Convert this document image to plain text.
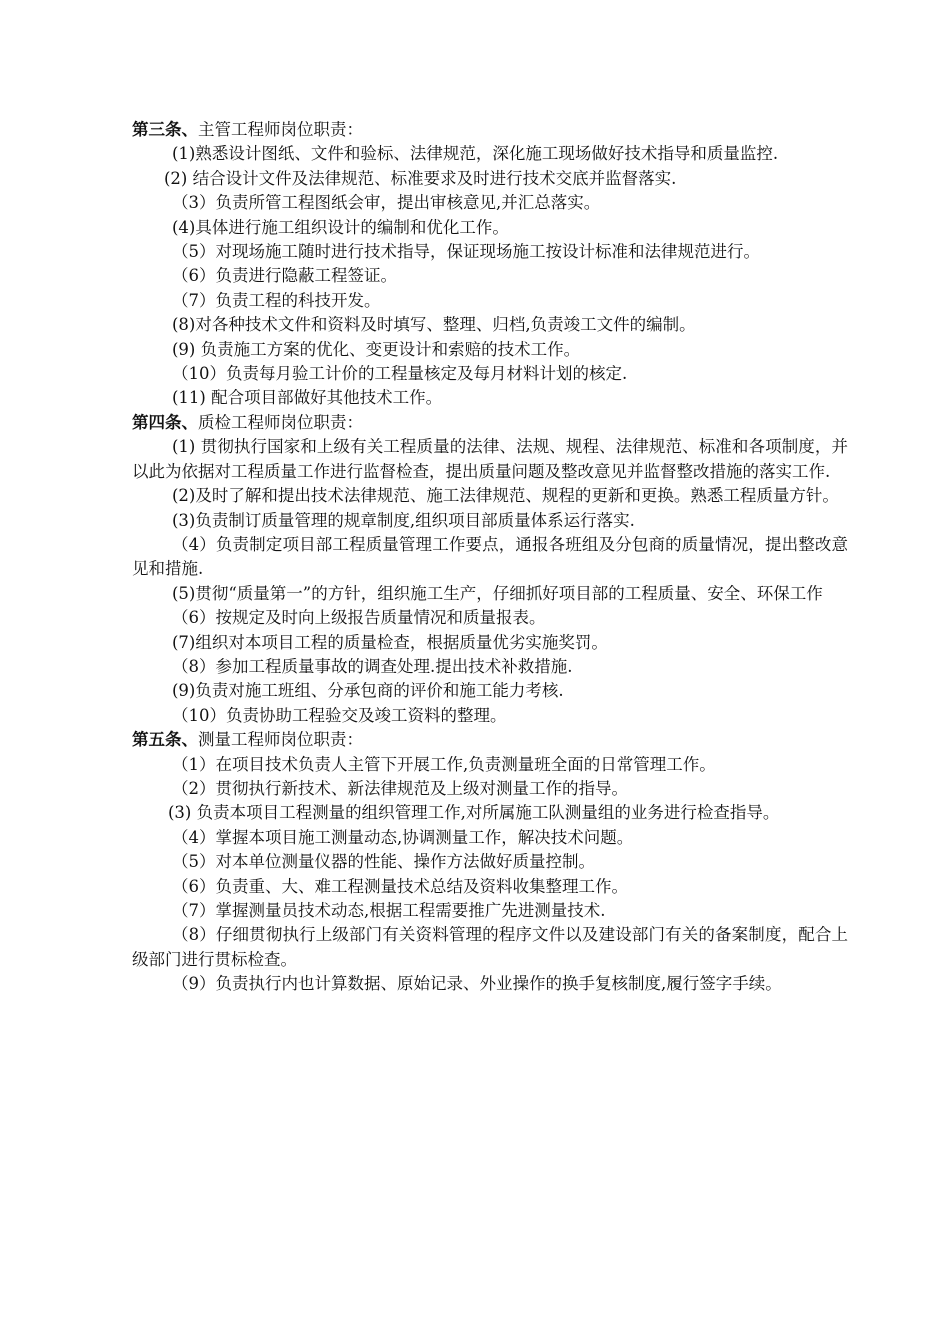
第三条、主管工程师岗位职责：

(1)熟悉设计图纸、文件和验标、法律规范，深化施工现场做好技术指导和质量监控.

(2) 结合设计文件及法律规范、标准要求及时进行技术交底并监督落实.

（3）负责所管工程图纸会审，提出审核意见,并汇总落实。

(4)具体进行施工组织设计的编制和优化工作。

（5）对现场施工随时进行技术指导，保证现场施工按设计标准和法律规范进行。

（6）负责进行隐蔽工程签证。

（7）负责工程的科技开发。

(8)对各种技术文件和资料及时填写、整理、归档,负责竣工文件的编制。

(9) 负责施工方案的优化、变更设计和索赔的技术工作。

（10）负责每月验工计价的工程量核定及每月材料计划的核定.

(11) 配合项目部做好其他技术工作。

第四条、质检工程师岗位职责：

(1) 贯彻执行国家和上级有关工程质量的法律、法规、规程、法律规范、标准和各项制度，并以此为依据对工程质量工作进行监督检查，提出质量问题及整改意见并监督整改措施的落实工作.

(2)及时了解和提出技术法律规范、施工法律规范、规程的更新和更换。熟悉工程质量方针。

(3)负责制订质量管理的规章制度,组织项目部质量体系运行落实.

（4）负责制定项目部工程质量管理工作要点，通报各班组及分包商的质量情况，提出整改意见和措施.

(5)贯彻“质量第一”的方针，组织施工生产，仔细抓好项目部的工程质量、安全、环保工作

（6）按规定及时向上级报告质量情况和质量报表。

(7)组织对本项目工程的质量检查，根据质量优劣实施奖罚。

（8）参加工程质量事故的调查处理.提出技术补救措施.

(9)负责对施工班组、分承包商的评价和施工能力考核.

（10）负责协助工程验交及竣工资料的整理。

第五条、测量工程师岗位职责：

（1）在项目技术负责人主管下开展工作,负责测量班全面的日常管理工作。

（2）贯彻执行新技术、新法律规范及上级对测量工作的指导。

(3) 负责本项目工程测量的组织管理工作,对所属施工队测量组的业务进行检查指导。

（4）掌握本项目施工测量动态,协调测量工作，解决技术问题。

（5）对本单位测量仪器的性能、操作方法做好质量控制。

（6）负责重、大、难工程测量技术总结及资料收集整理工作。

（7）掌握测量员技术动态,根据工程需要推广先进测量技术.

（8）仔细贯彻执行上级部门有关资料管理的程序文件以及建设部门有关的备案制度，配合上级部门进行贯标检查。

（9）负责执行内也计算数据、原始记录、外业操作的换手复核制度,履行签字手续。
